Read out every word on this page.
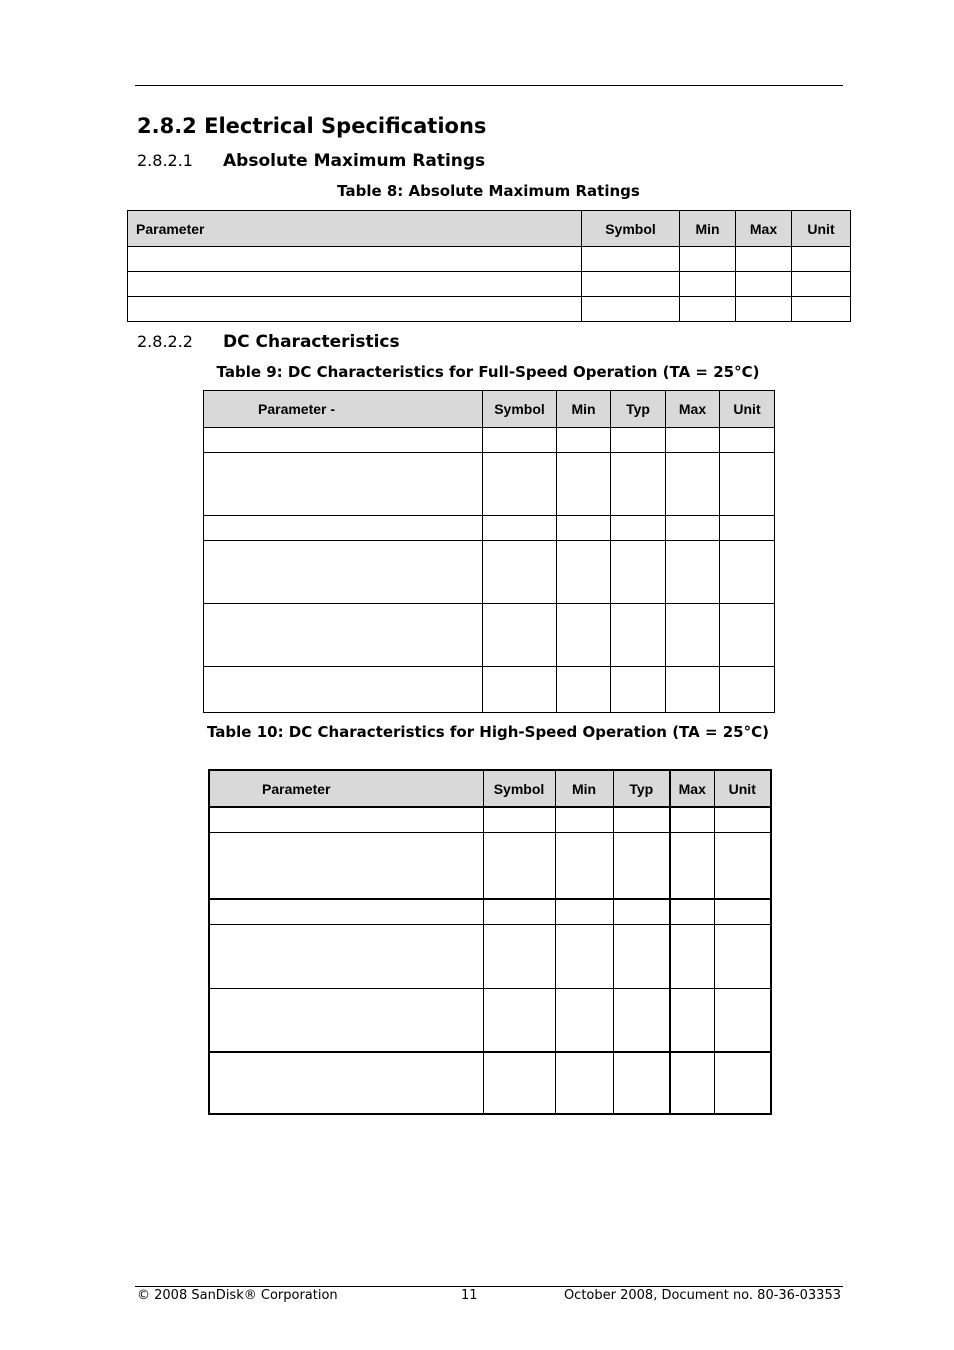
2.8.2 Electrical Specifications
2.8.2.1 Absolute Maximum Ratings
Table 8: Absolute Maximum Ratings
Parameter	Symbol	Min	Max	Unit

2.8.2.2 DC Characteristics
Table 9: DC Characteristics for Full-Speed Operation (TA = 25°C)
Parameter -	Symbol	Min	Typ	Max	Unit

Table 10: DC Characteristics for High-Speed Operation (TA = 25°C)
Parameter	Symbol	Min	Typ	Max	Unit

© 2008 SanDisk® Corporation	11	October 2008, Document no. 80-36-03353
